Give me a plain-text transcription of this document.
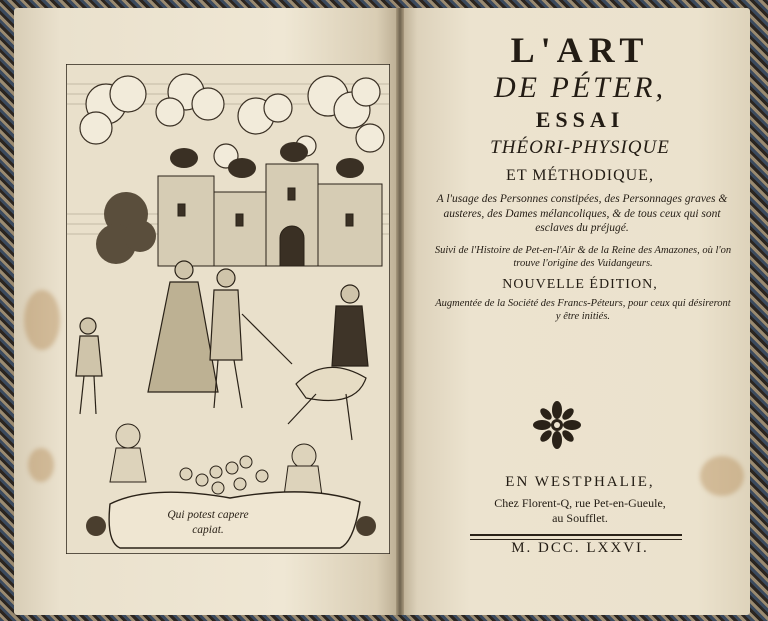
Qui potest capere
capiat.

L'ART

DE PÉTER,

ESSAI

THÉORI-PHYSIQUE

ET MÉTHODIQUE,

A l'usage des Personnes constipées, des Personnages graves & austeres, des Dames mélancoliques, & de tous ceux qui sont esclaves du préjugé.

Suivi de l'Histoire de Pet-en-l'Air & de la Reine des Amazones, où l'on trouve l'origine des Vuidangeurs.

NOUVELLE ÉDITION,

Augmentée de la Société des Francs-Péteurs, pour ceux qui désireront y être initiés.

EN WESTPHALIE,
Chez Florent-Q, rue Pet-en-Gueule,
au Soufflet.
M. DCC. LXXVI.
